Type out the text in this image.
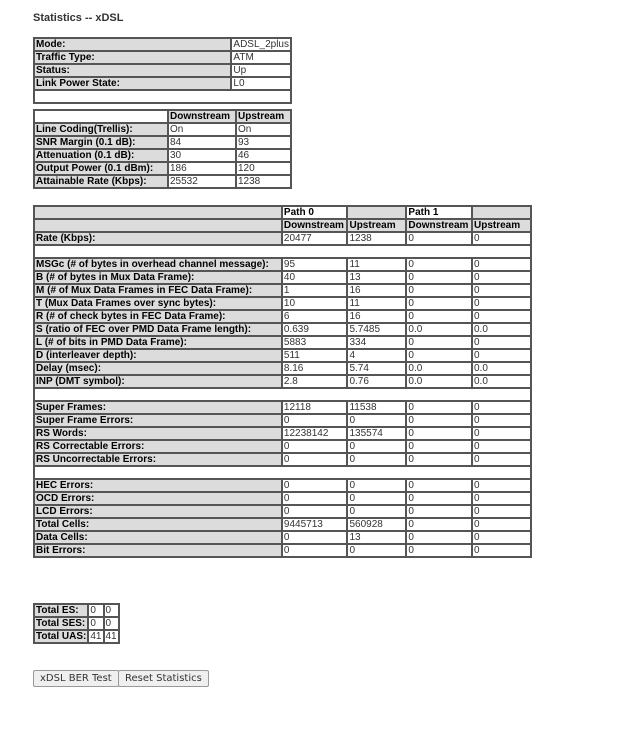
Statistics -- xDSL
Mode:	ADSL_2plus
Traffic Type:	ATM
Status:	Up
Link Power State:	L0

	Downstream	Upstream
Line Coding(Trellis):	On	On
SNR Margin (0.1 dB):	84	93
Attenuation (0.1 dB):	30	46
Output Power (0.1 dBm):	186	120
Attainable Rate (Kbps):	25532	1238
	Path 0		Path 1	
	Downstream	Upstream	Downstream	Upstream
Rate (Kbps):	20477	1238	0	0

MSGc (# of bytes in overhead channel message):	95	11	0	0
B (# of bytes in Mux Data Frame):	40	13	0	0
M (# of Mux Data Frames in FEC Data Frame):	1	16	0	0
T (Mux Data Frames over sync bytes):	10	11	0	0
R (# of check bytes in FEC Data Frame):	6	16	0	0
S (ratio of FEC over PMD Data Frame length):	0.639	5.7485	0.0	0.0
L (# of bits in PMD Data Frame):	5883	334	0	0
D (interleaver depth):	511	4	0	0
Delay (msec):	8.16	5.74	0.0	0.0
INP (DMT symbol):	2.8	0.76	0.0	0.0

Super Frames:	12118	11538	0	0
Super Frame Errors:	0	0	0	0
RS Words:	12238142	135574	0	0
RS Correctable Errors:	0	0	0	0
RS Uncorrectable Errors:	0	0	0	0

HEC Errors:	0	0	0	0
OCD Errors:	0	0	0	0
LCD Errors:	0	0	0	0
Total Cells:	9445713	560928	0	0
Data Cells:	0	13	0	0
Bit Errors:	0	0	0	0
Total ES:	0	0
Total SES:	0	0
Total UAS:	41	41
xDSL BER Test	Reset Statistics
